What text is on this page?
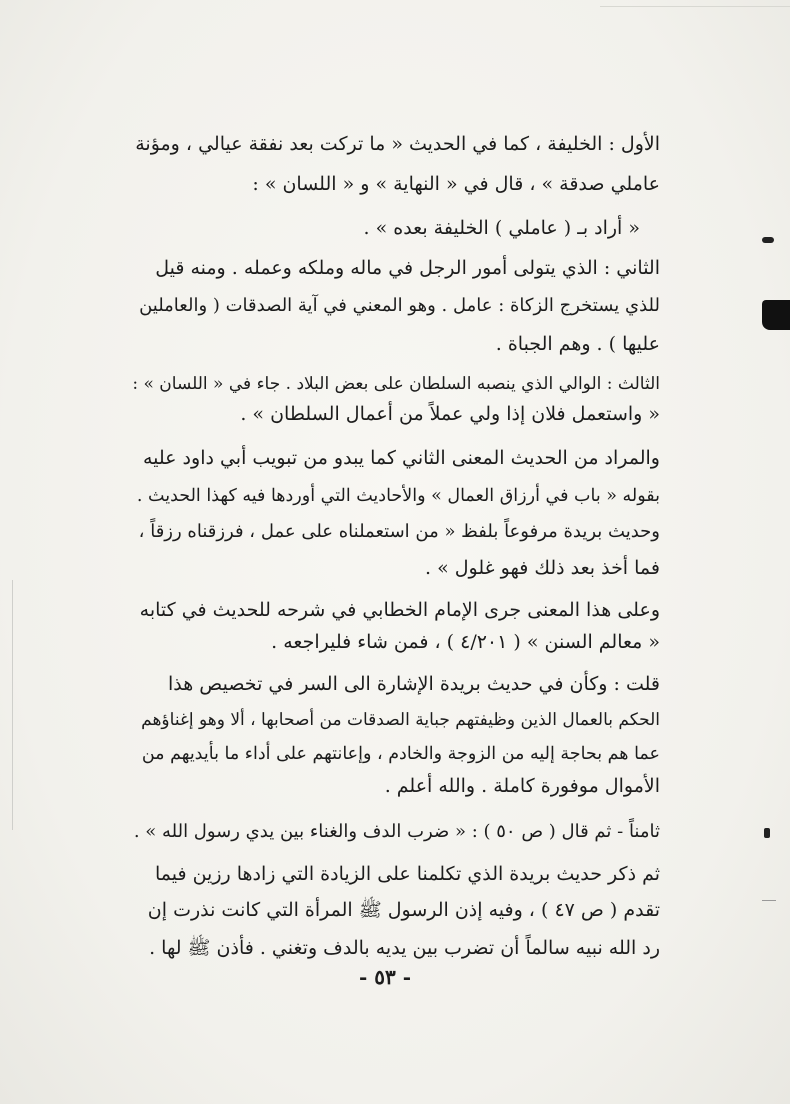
الأول : الخليفة ، كما في الحديث « ما تركت بعد نفقة عيالي ، ومؤنة
عاملي صدقة » ، قال في « النهاية » و « اللسان » :
« أراد بـ ( عاملي ) الخليفة بعده » .
الثاني : الذي يتولى أمور الرجل في ماله وملكه وعمله . ومنه قيل
للذي يستخرج الزكاة : عامل . وهو المعني في آية الصدقات ( والعاملين
عليها ) . وهم الجباة .
الثالث : الوالي الذي ينصبه السلطان على بعض البلاد . جاء في « اللسان » :
« واستعمل فلان إذا ولي عملاً من أعمال السلطان » .
والمراد من الحديث المعنى الثاني كما يبدو من تبويب أبي داود عليه
بقوله « باب في أرزاق العمال » والأحاديث التي أوردها فيه كهذا الحديث .
وحديث بريدة مرفوعاً بلفظ « من استعملناه على عمل ، فرزقناه رزقاً ،
فما أخذ بعد ذلك فهو غلول » .
وعلى هذا المعنى جرى الإمام الخطابي في شرحه للحديث في كتابه
« معالم السنن » ( ٤/٢٠١ ) ، فمن شاء فليراجعه .
قلت : وكأن في حديث بريدة الإشارة الى السر في تخصيص هذا
الحكم بالعمال الذين وظيفتهم جباية الصدقات من أصحابها ، ألا وهو إغناؤهم
عما هم بحاجة إليه من الزوجة والخادم ، وإعانتهم على أداء ما بأيديهم من
الأموال موفورة كاملة . والله أعلم .
ثامناً - ثم قال ( ص ٥٠ ) : « ضرب الدف والغناء بين يدي رسول الله » .
ثم ذكر حديث بريدة الذي تكلمنا على الزيادة التي زادها رزين فيما
تقدم ( ص ٤٧ ) ، وفيه إذن الرسول ﷺ المرأة التي كانت نذرت إن
رد الله نبيه سالماً أن تضرب بين يديه بالدف وتغني . فأذن ﷺ لها .
- ٥٣ -
